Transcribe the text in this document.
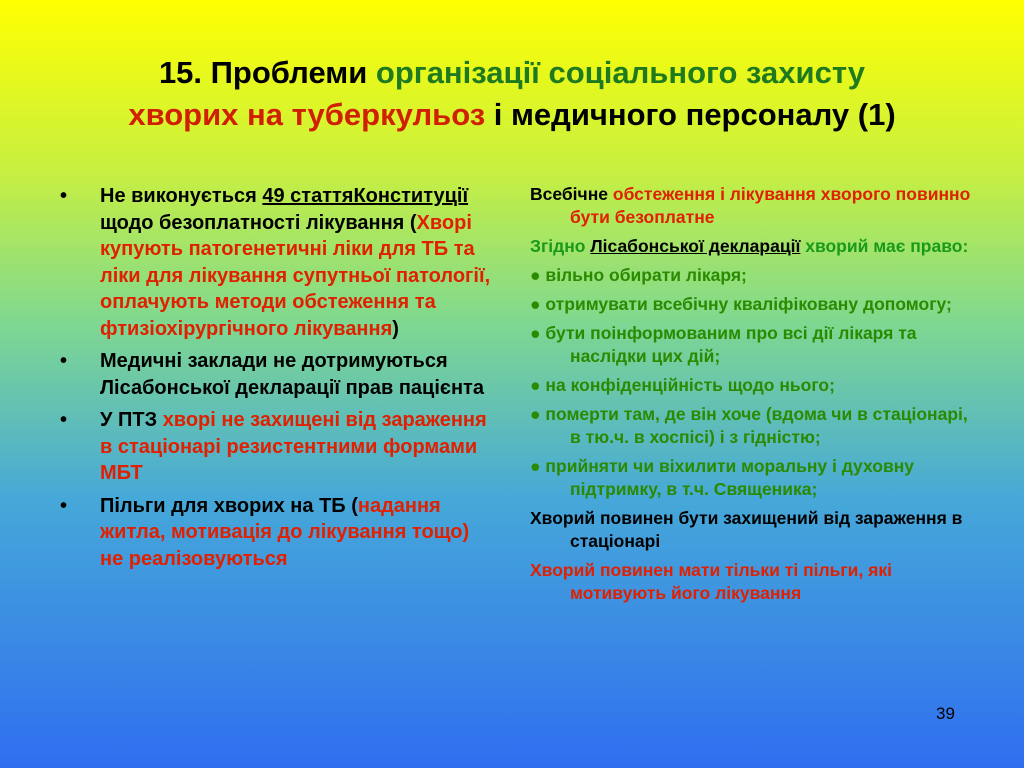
15. Проблеми організації соціального захисту
хворих на туберкульоз і медичного персоналу (1)
• Не виконується 49 статтяКонституції щодо безоплатності лікування (Хворі купують патогенетичні ліки для ТБ та ліки для лікування супутньої патології, оплачують методи обстеження та фтизіохірургічного лікування)
• Медичні заклади не дотримуються Лісабонської декларації прав пацієнта
• У ПТЗ хворі не захищені від зараження в стаціонарі резистентними формами МБТ
• Пільги для хворих на ТБ (надання житла, мотивація до лікування тощо) не реалізовуються
Всебічне обстеження і лікування хворого повинно бути безоплатне
Згідно Лісабонської декларації хворий має право:
● вільно обирати лікаря;
● отримувати всебічну кваліфіковану допомогу;
● бути поінформованим про всі дії лікаря та наслідки цих дій;
● на конфіденційність щодо нього;
● померти там, де він хоче (вдома чи в стаціонарі, в тю.ч. в хоспісі) і з гідністю;
● прийняти чи віхилити моральну і духовну підтримку, в т.ч. Священика;
Хворий повинен бути захищений від зараження в стаціонарі
Хворий повинен мати тільки ті пільги, які мотивують його лікування
39
